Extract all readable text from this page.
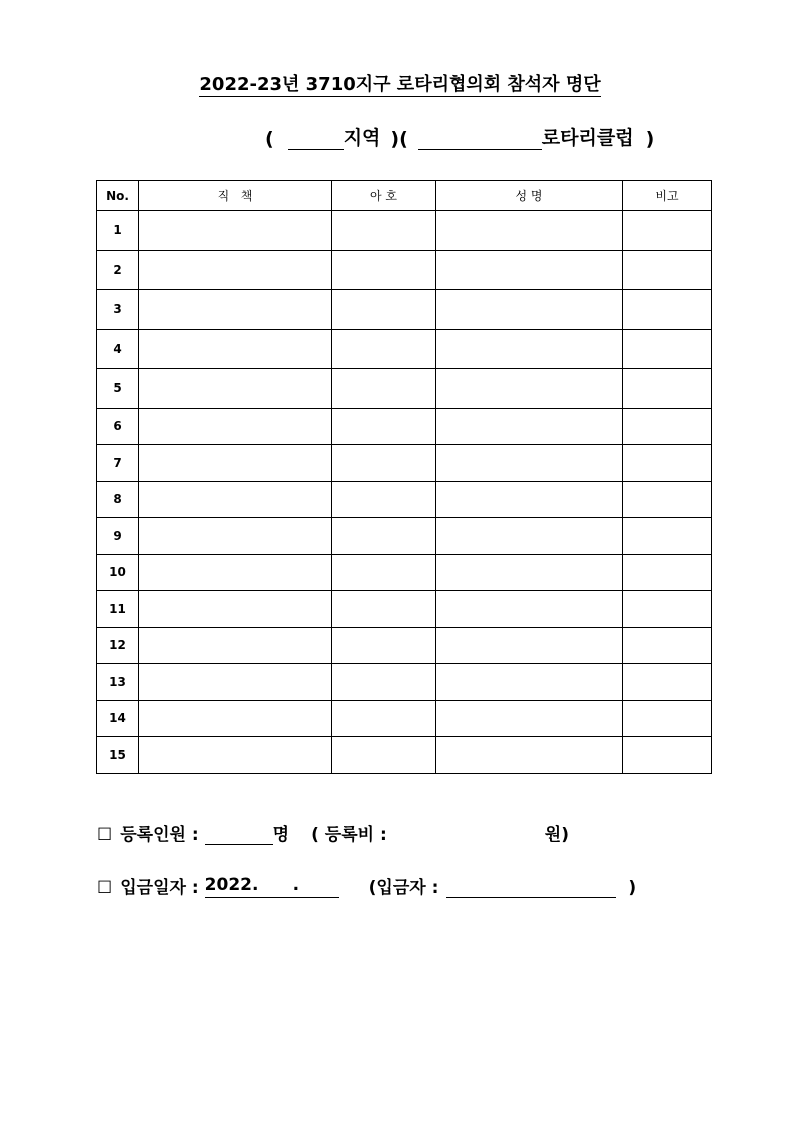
2022-23년 3710지구 로타리협의회 참석자 명단
(	지역 )(	로타리클럽 )
No.	직   책	아 호	성 명	비고
1				
2				
3				
4				
5				
6				
7				
8				
9				
10				
11				
12				
13				
14				
15				
☐ 등록인원 :	명 ( 등록비 :	원)
☐ 입금일자 : 2022. .	(입금자 :	)
